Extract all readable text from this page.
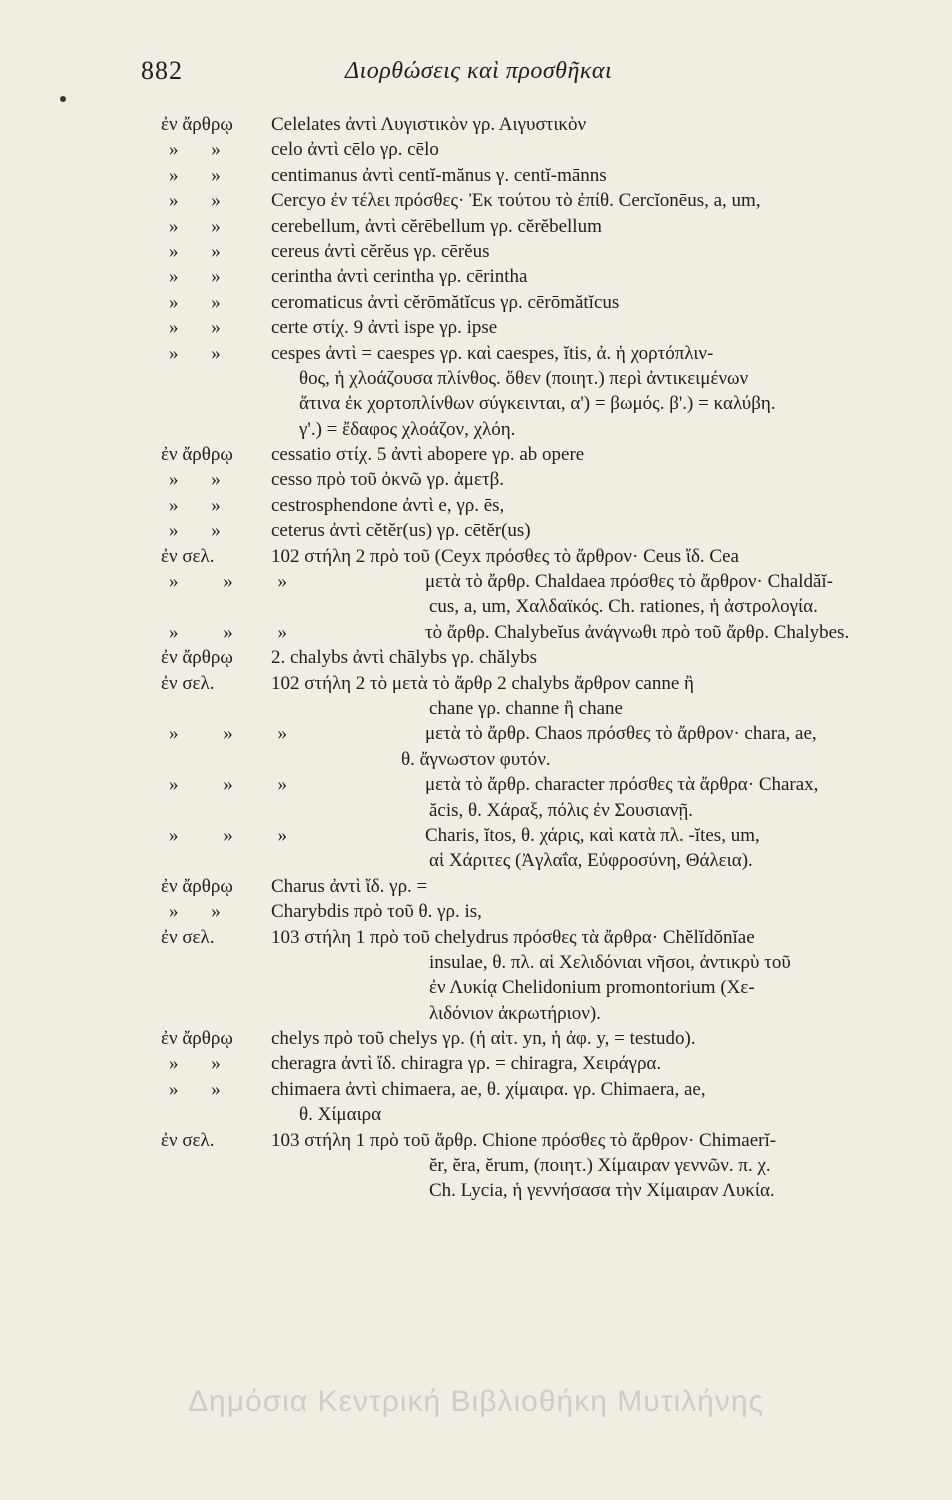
882	Διορθώσεις καὶ προσθῆκαι
ἐν ἄρθρῳ Celelates ἀντὶ Λυγιστικὸν γρ. Αιγυστικὸν
» » celo ἀντὶ cēlo γρ. cēlo
» » centimanus ἀντὶ centĭ-mănus γ. centĭ-mānns
» » Cercyo ἐν τέλει πρόσθες· Ἐκ τούτου τὸ ἐπίθ. Cercĭonēus, a, um,
» » cerebellum, ἀντὶ cĕrēbellum γρ. cĕrĕbellum
» » cereus ἀντὶ cĕrĕus γρ. cērĕus
» » cerintha ἀντὶ cerintha γρ. cērintha
» » ceromaticus ἀντὶ cĕrōmătĭcus γρ. cērōmătĭcus
» » certe στίχ. 9 ἀντὶ ispe γρ. ipse
» » cespes ἀντὶ = caespes γρ. καὶ caespes, ĭtis, ἀ. ἡ χορτόπλιν-
θος, ἡ χλοάζουσα πλίνθος. ὅθεν (ποιητ.) περὶ ἀντικειμένων
ἅτινα ἐκ χορτοπλίνθων σύγκεινται, α') = βωμός. β'.) = καλύβη.
γ'.) = ἔδαφος χλοάζον, χλόη.
ἐν ἄρθρῳ cessatio στίχ. 5 ἀντὶ abopere γρ. ab opere
» » cesso πρὸ τοῦ ὀκνῶ γρ. ἀμετβ.
» » cestrosphendone ἀντὶ e, γρ. ēs,
» » ceterus ἀντὶ cĕtĕr(us) γρ. cētĕr(us)
ἐν σελ.	102 στήλη 2 πρὸ τοῦ (Ceyx πρόσθες τὸ ἄρθρον· Ceus ἴδ. Cea
» » »	μετὰ τὸ ἄρθρ. Chaldaea πρόσθες τὸ ἄρθρον· Chaldăĭ-
cus, a, um, Χαλδαϊκός. Ch. rationes, ἡ ἀστρολογία.
» » »	τὸ ἄρθρ. Chalybeĭus ἀνάγνωθι πρὸ τοῦ ἄρθρ. Chalybes.
ἐν ἄρθρῳ 2. chalybs ἀντὶ chālybs γρ. chălybs
ἐν σελ.	102 στήλη 2 τὸ μετὰ τὸ ἄρθρ 2 chalybs ἄρθρον canne ἢ
chane γρ. channe ἢ chane
» » »	μετὰ τὸ ἄρθρ. Chaos πρόσθες τὸ ἄρθρον· chara, ae,
θ. ἄγνωστον φυτόν.
» » »	μετὰ τὸ ἄρθρ. character πρόσθες τὰ ἄρθρα· Charax,
ăcis, θ. Χάραξ, πόλις ἐν Σουσιανῇ.
» » »	Charis, ĭtos, θ. χάρις, καὶ κατὰ πλ. -ĭtes, um,
αἱ Χάριτες (Ἀγλαΐα, Εὐφροσύνη, Θάλεια).
ἐν ἄρθρῳ Charus ἀντὶ ἴδ. γρ. =
» » Charybdis πρὸ τοῦ θ. γρ. is,
ἐν σελ.	103 στήλη 1 πρὸ τοῦ chelydrus πρόσθες τὰ ἄρθρα· Chĕlĭdŏnĭae
insulae, θ. πλ. αἱ Χελιδόνιαι νῆσοι, ἀντικρὺ τοῦ
ἐν Λυκίᾳ Chelidonium promontorium (Χε-
λιδόνιον ἀκρωτήριον).
ἐν ἄρθρῳ chelys πρὸ τοῦ chelys γρ. (ἡ αἰτ. yn, ἡ ἀφ. y, = testudo).
» » cheragra ἀντὶ ἴδ. chiragra γρ. = chiragra, Χειράγρα.
» » chimaera ἀντὶ chimaera, ae, θ. χίμαιρα. γρ. Chimaera, ae,
θ. Χίμαιρα
ἐν σελ.	103 στήλη 1 πρὸ τοῦ ἄρθρ. Chione πρόσθες τὸ ἄρθρον· Chimaerĭ-
ĕr, ĕra, ĕrum, (ποιητ.) Χίμαιραν γεννῶν. π. χ.
Ch. Lycia, ἡ γεννήσασα τὴν Χίμαιραν Λυκία.
Δημόσια Κεντρική Βιβλιοθήκη Μυτιλήνης
